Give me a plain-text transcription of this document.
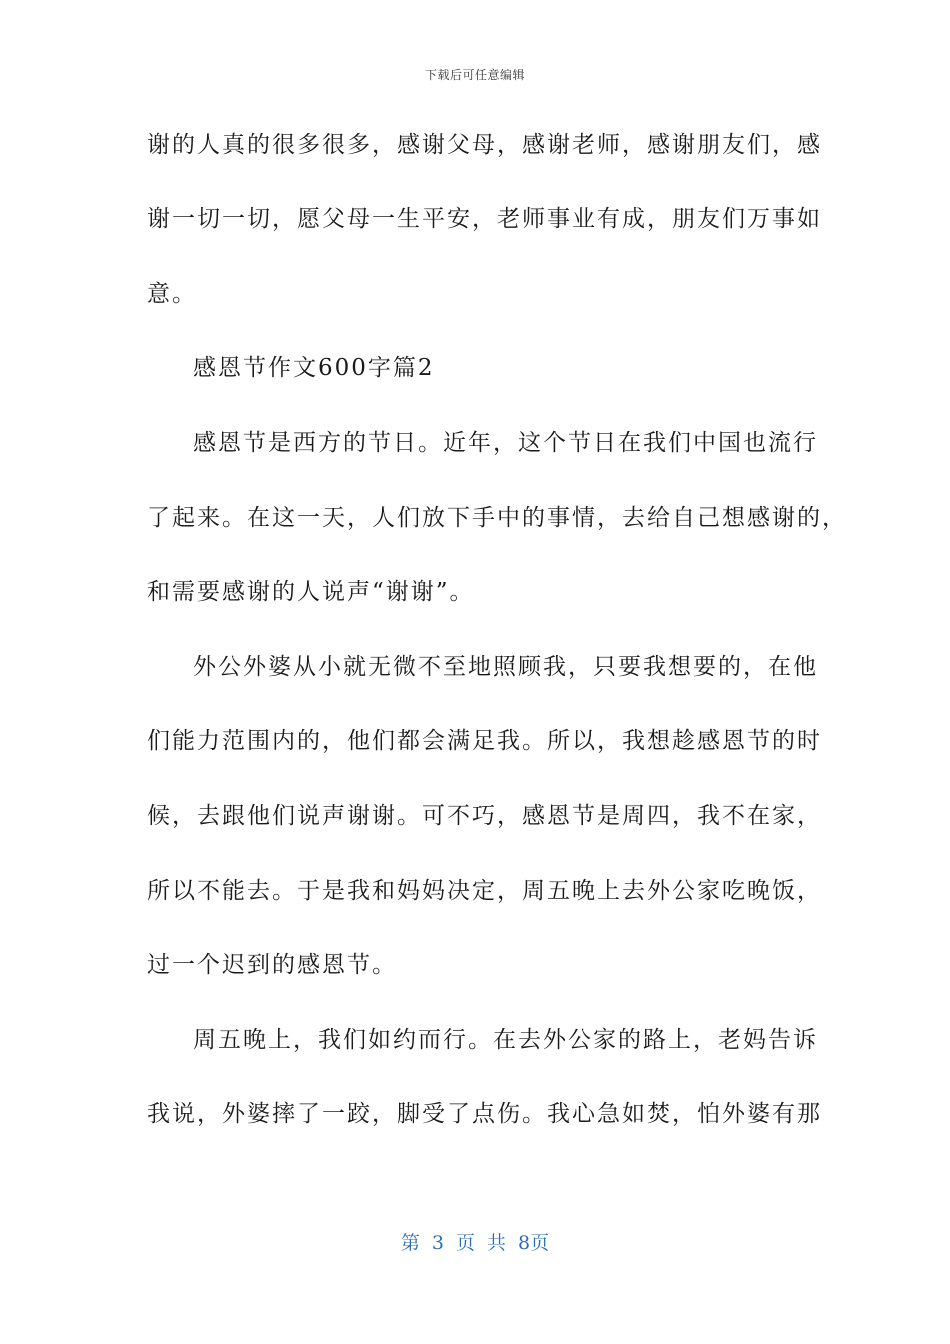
下载后可任意编辑
谢的人真的很多很多，感谢父母，感谢老师，感谢朋友们，感
谢一切一切，愿父母一生平安，老师事业有成，朋友们万事如
意。
感恩节作文600字篇2
感恩节是西方的节日。近年，这个节日在我们中国也流行
了起来。在这一天，人们放下手中的事情，去给自己想感谢的，
和需要感谢的人说声“谢谢”。
外公外婆从小就无微不至地照顾我，只要我想要的，在他
们能力范围内的，他们都会满足我。所以，我想趁感恩节的时
候，去跟他们说声谢谢。可不巧，感恩节是周四，我不在家，
所以不能去。于是我和妈妈决定，周五晚上去外公家吃晚饭，
过一个迟到的感恩节。
周五晚上，我们如约而行。在去外公家的路上，老妈告诉
我说，外婆摔了一跤，脚受了点伤。我心急如焚，怕外婆有那
第 3 页 共 8页
